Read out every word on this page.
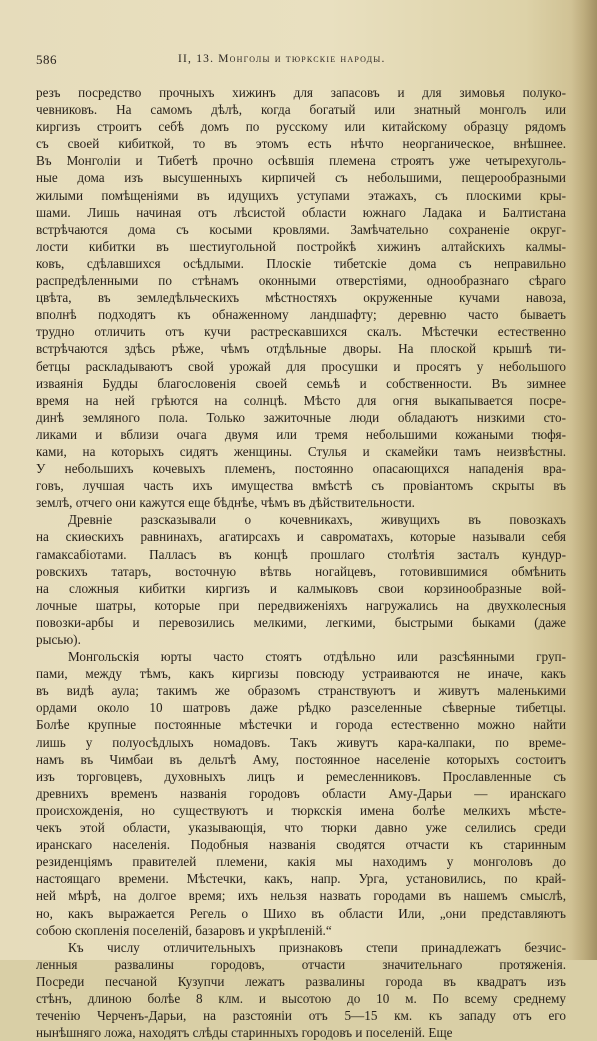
586	II, 13. Монголы и тюркскіе народы.
резъ посредство прочныхъ хижинъ для запасовъ и для зимовья полуко-
чевниковъ. На самомъ дѣлѣ, когда богатый или знатный монголъ или
киргизъ строитъ себѣ домъ по русскому или китайскому образцу рядомъ
съ своей кибиткой, то въ этомъ есть нѣчто неорганическое, внѣшнее.
Въ Монголіи и Тибетѣ прочно осѣвшія племена строятъ уже четырехуголь-
ные дома изъ высушенныхъ кирпичей съ небольшими, пещерообразными
жилыми помѣщеніями въ идущихъ уступами этажахъ, съ плоскими кры-
шами. Лишь начиная отъ лѣсистой области южнаго Ладака и Балтистана
встрѣчаются дома съ косыми кровлями. Замѣчательно сохраненіе округ-
лости кибитки въ шестиугольной постройкѣ хижинъ алтайскихъ калмы-
ковъ, сдѣлавшихся осѣдлыми. Плоскіе тибетскіе дома съ неправильно
распредѣленными по стѣнамъ оконными отверстіями, однообразнаго сѣраго
цвѣта, въ земледѣльческихъ мѣстностяхъ окруженные кучами навоза,
вполнѣ подходятъ къ обнаженному ландшафту; деревню часто бываетъ
трудно отличить отъ кучи растрескавшихся скалъ. Мѣстечки естественно
встрѣчаются здѣсь рѣже, чѣмъ отдѣльные дворы. На плоской крышѣ ти-
бетцы раскладываютъ свой урожай для просушки и просятъ у небольшого
изваянія Будды благословенія своей семьѣ и собственности. Въ зимнее
время на ней грѣются на солнцѣ. Мѣсто для огня выкапывается посре-
динѣ земляного пола. Только зажиточные люди обладаютъ низкими сто-
ликами и вблизи очага двумя или тремя небольшими кожаными тюфя-
ками, на которыхъ сидятъ женщины. Стулья и скамейки тамъ неизвѣстны.
У небольшихъ кочевыхъ племенъ, постоянно опасающихся нападенія вра-
говъ, лучшая часть ихъ имущества вмѣстѣ съ провіантомъ скрыты въ
землѣ, отчего они кажутся еще бѣднѣе, чѣмъ въ дѣйствительности.
Древніе разсказывали о кочевникахъ, живущихъ въ повозкахъ
на скиѳскихъ равнинахъ, агатирсахъ и савроматахъ, которые называли себя
гамаксабіотами. Палласъ въ концѣ прошлаго столѣтія засталъ кундур-
ровскихъ татаръ, восточную вѣтвь ногайцевъ, готовившимися обмѣнить
на сложныя кибитки киргизъ и калмыковъ свои корзинообразные вой-
лочные шатры, которые при передвиженіяхъ нагружались на двухколесныя
повозки-арбы и перевозились мелкими, легкими, быстрыми быками (даже
рысью).
Монгольскія юрты часто стоятъ отдѣльно или разсѣянными груп-
пами, между тѣмъ, какъ киргизы повсюду устраиваются не иначе, какъ
въ видѣ аула; такимъ же образомъ странствуютъ и живутъ маленькими
ордами около 10 шатровъ даже рѣдко разселенные сѣверные тибетцы.
Болѣе крупные постоянные мѣстечки и города естественно можно найти
лишь у полуосѣдлыхъ номадовъ. Такъ живутъ кара-калпаки, по време-
намъ въ Чимбаи въ дельтѣ Аму, постоянное населеніе которыхъ состоитъ
изъ торговцевъ, духовныхъ лицъ и ремесленниковъ. Прославленные съ
древнихъ временъ названія городовъ области Аму-Дарьи — иранскаго
происхожденія, но существуютъ и тюркскія имена болѣе мелкихъ мѣсте-
чекъ этой области, указывающія, что тюрки давно уже селились среди
иранскаго населенія. Подобныя названія сводятся отчасти къ старинным
резиденціямъ правителей племени, какія мы находимъ у монголовъ до
настоящаго времени. Мѣстечки, какъ, напр. Урга, установились, по край-
ней мѣрѣ, на долгое время; ихъ нельзя назвать городами въ нашемъ смыслѣ,
но, какъ выражается Регель о Шихо въ области Или, „они представляютъ
собою скопленія поселеній, базаровъ и укрѣпленій.“
Къ числу отличительныхъ признаковъ степи принадлежатъ безчис-
ленныя развалины городовъ, отчасти значительнаго протяженія.
Посреди песчаной Кузупчи лежатъ развалины города въ квадратъ изъ
стѣнъ, длиною болѣе 8 клм. и высотою до 10 м. По всему среднему
теченію Черченъ-Дарьи, на разстояніи отъ 5—15 км. къ западу отъ его
нынѣшняго ложа, находятъ слѣды старинныхъ городовъ и поселеній. Еще
